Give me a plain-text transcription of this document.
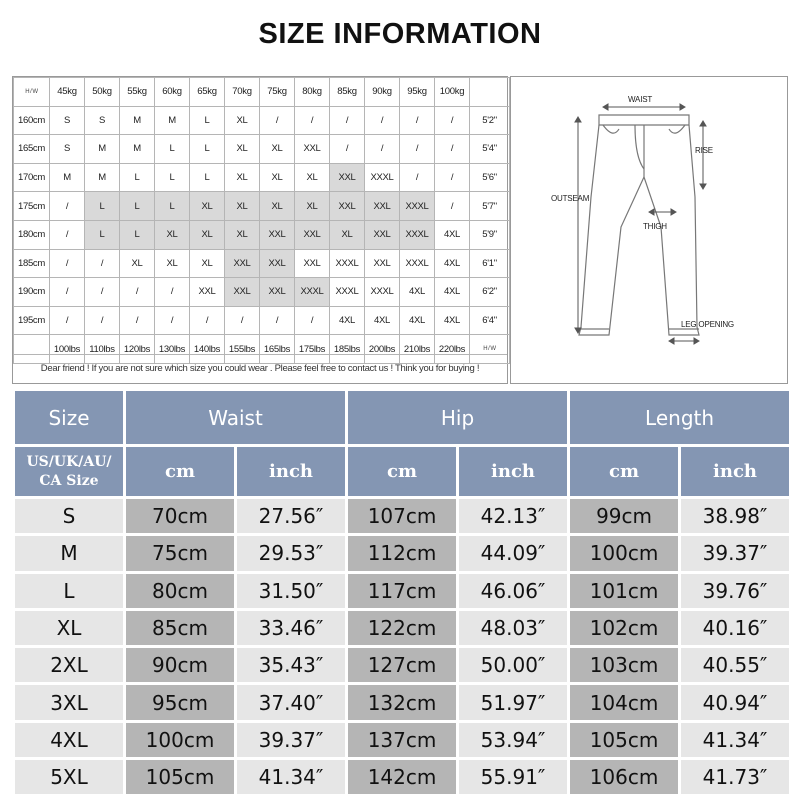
SIZE INFORMATION
H / W	45kg	50kg	55kg	60kg	65kg	70kg	75kg	80kg	85kg	90kg	95kg	100kg	
160cm	S	S	M	M	L	XL	/	/	/	/	/	/	5'2"
165cm	S	M	M	L	L	XL	XL	XXL	/	/	/	/	5'4"
170cm	M	M	L	L	L	XL	XL	XL	XXL	XXXL	/	/	5'6"
175cm	/	L	L	L	XL	XL	XL	XL	XXL	XXL	XXXL	/	5'7"
180cm	/	L	L	XL	XL	XL	XXL	XXL	XL	XXL	XXXL	4XL	5'9"
185cm	/	/	XL	XL	XL	XXL	XXL	XXL	XXXL	XXL	XXXL	4XL	6'1"
190cm	/	/	/	/	XXL	XXL	XXL	XXXL	XXXL	XXXL	4XL	4XL	6'2"
195cm	/	/	/	/	/	/	/	/	4XL	4XL	4XL	4XL	6'4"
	100lbs	110lbs	120lbs	130lbs	140lbs	155lbs	165lbs	175lbs	185lbs	200lbs	210lbs	220lbs	H / W
Dear friend ! If you are not sure which size you could wear . Please feel free to contact us ! Think you for buying !
WAIST
RISE
OUTSEAM
THIGH
LEG OPENING
Size	Waist		Hip		Length	
US/UK/AU/ CA Size	cm	inch	cm	inch	cm	inch
S	70cm	27.56″	107cm	42.13″	99cm	38.98″
M	75cm	29.53″	112cm	44.09″	100cm	39.37″
L	80cm	31.50″	117cm	46.06″	101cm	39.76″
XL	85cm	33.46″	122cm	48.03″	102cm	40.16″
2XL	90cm	35.43″	127cm	50.00″	103cm	40.55″
3XL	95cm	37.40″	132cm	51.97″	104cm	40.94″
4XL	100cm	39.37″	137cm	53.94″	105cm	41.34″
5XL	105cm	41.34″	142cm	55.91″	106cm	41.73″
